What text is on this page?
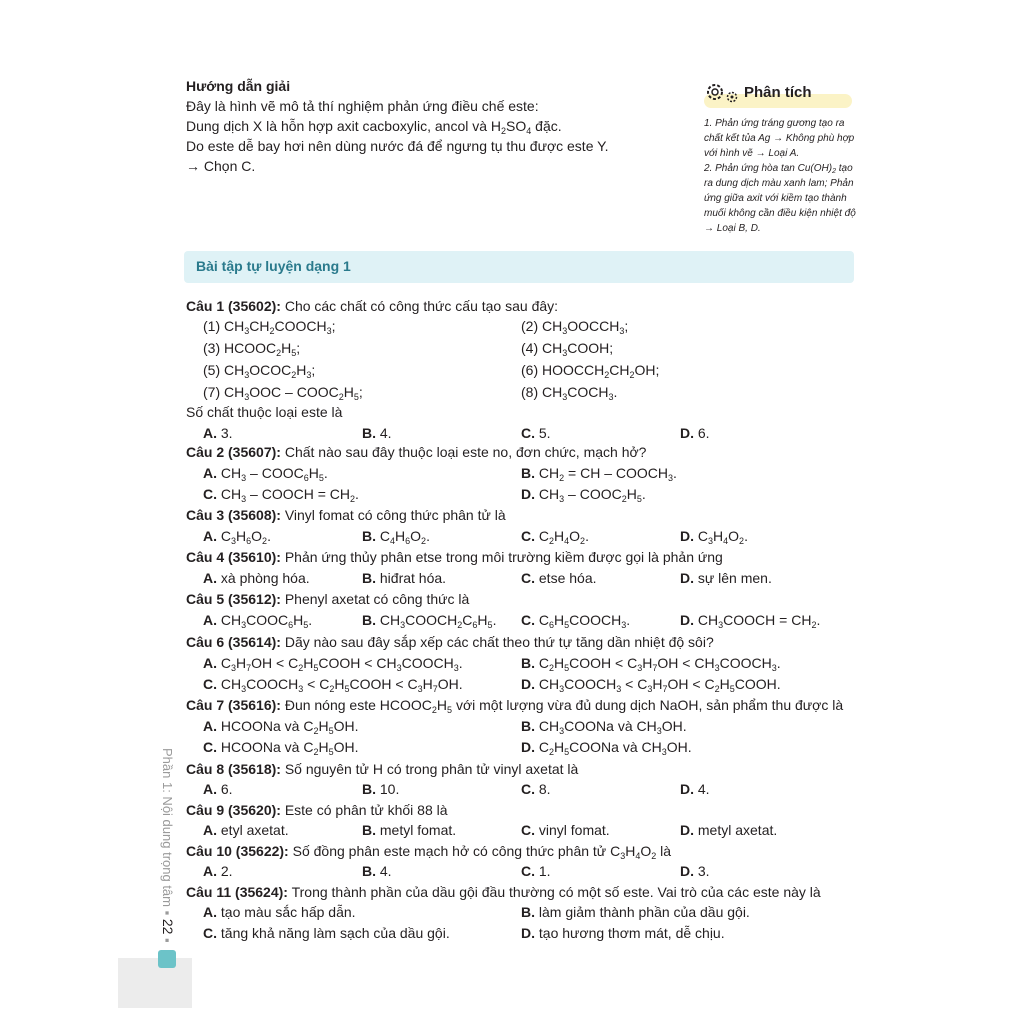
Hướng dẫn giải
Đây là hình vẽ mô tả thí nghiệm phản ứng điều chế este:
Dung dịch X là hỗn hợp axit cacboxylic, ancol và $H_2SO_4$ đặc.
Do este dễ bay hơi nên dùng nước đá để ngưng tụ thu được este Y.
→ Chọn C.
Phân tích
1. Phản ứng tráng gương tạo ra chất kết tủa Ag → Không phù hợp với hình vẽ → Loại A.
2. Phản ứng hòa $\tan Cu(OH)_2$ tạo ra dung dịch màu xanh lam; Phản ứng giữa axit với kiềm tạo thành muối không cần điều kiện nhiệt độ → Loại B, D.
Bài tập tự luyện dạng 1
Câu 1 (35602): Cho các chất có công thức cấu tạo sau đây:
(1) $CH_3CH_2COOCH_3$;	(2) $CH_3OOCCH_3$;
(3) $HCOOC_2H_5$;	(4) $CH_3COOH$;
(5) $CH_3OCOC_2H_3$;	(6) $HOOCCH_2CH_2OH$;
(7) $CH_3OOC$ – $COOC_2H_5$;	(8) $CH_3COCH_3$.
Số chất thuộc loại este là
A. 3.	B. 4.	C. 5.	D. 6.
Câu 2 (35607): Chất nào sau đây thuộc loại este no, đơn chức, mạch hở?
A. $CH_3$ – $COOC_6H_5$.	B. $CH_2$ = CH – $COOCH_3$.
C. $CH_3$ – COOCH = $CH_2$.	D. $CH_3$ – $COOC_2H_5$.
Câu 3 (35608): Vinyl fomat có công thức phân tử là
A. $C_3H_6O_2$.	B. $C_4H_6O_2$.	C. $C_2H_4O_2$.	D. $C_3H_4O_2$.
Câu 4 (35610): Phản ứng thủy phân etse trong môi trường kiềm được gọi là phản ứng
A. xà phòng hóa.	B. hiđrat hóa.	C. etse hóa.	D. sự lên men.
Câu 5 (35612): Phenyl axetat có công thức là
A. $CH_3COOC_6H_5$.	B. $CH_3COOCH_2C_6H_5$. C. $C_6H_5COOCH_3$.	D. $CH_3COOCH = CH_2$.
Câu 6 (35614): Dãy nào sau đây sắp xếp các chất theo thứ tự tăng dần nhiệt độ sôi?
A. $C_3H_7OH$ < $C_2H_5COOH$ < $CH_3COOCH_3$.	B. $C_2H_5COOH < C_3H_7OH$ < $CH_3COOCH_3$.
C. $CH_3COOCH_3$ < $C_2H_5COOH < C_3H_7OH$.	D. $CH_3COOCH_3 < C_3H_7OH$ < $C_2H_5COOH$.
Câu 7 (35616): Đun nóng este $HCOOC_2H_5$ với một lượng vừa đủ dung dịch NaOH, sản phẩm thu được là
A. HCOONa và $C_2H_5OH$.	B. $CH_3COONa$ và $CH_3OH$.
C. HCOONa và $C_2H_5OH$.	D. $C_2H_5COONa$ và $CH_3OH$.
Câu 8 (35618): Số nguyên tử H có trong phân tử vinyl axetat là
A. 6.	B. 10.	C. 8.	D. 4.
Câu 9 (35620): Este có phân tử khối 88 là
A. etyl axetat.	B. metyl fomat.	C. vinyl fomat.	D. metyl axetat.
Câu 10 (35622): Số đồng phân este mạch hở có công thức phân tử $C_3H_4O_2$ là
A. 2.	B. 4.	C. 1.	D. 3.
Câu 11 (35624): Trong thành phần của dầu gội đầu thường có một số este. Vai trò của các este này là
A. tạo màu sắc hấp dẫn.	B. làm giảm thành phần của dầu gội.
C. tăng khả năng làm sạch của dầu gội.	D. tạo hương thơm mát, dễ chịu.
Phần 1: Nội dung trọng tâm ▪ 22 ▪
